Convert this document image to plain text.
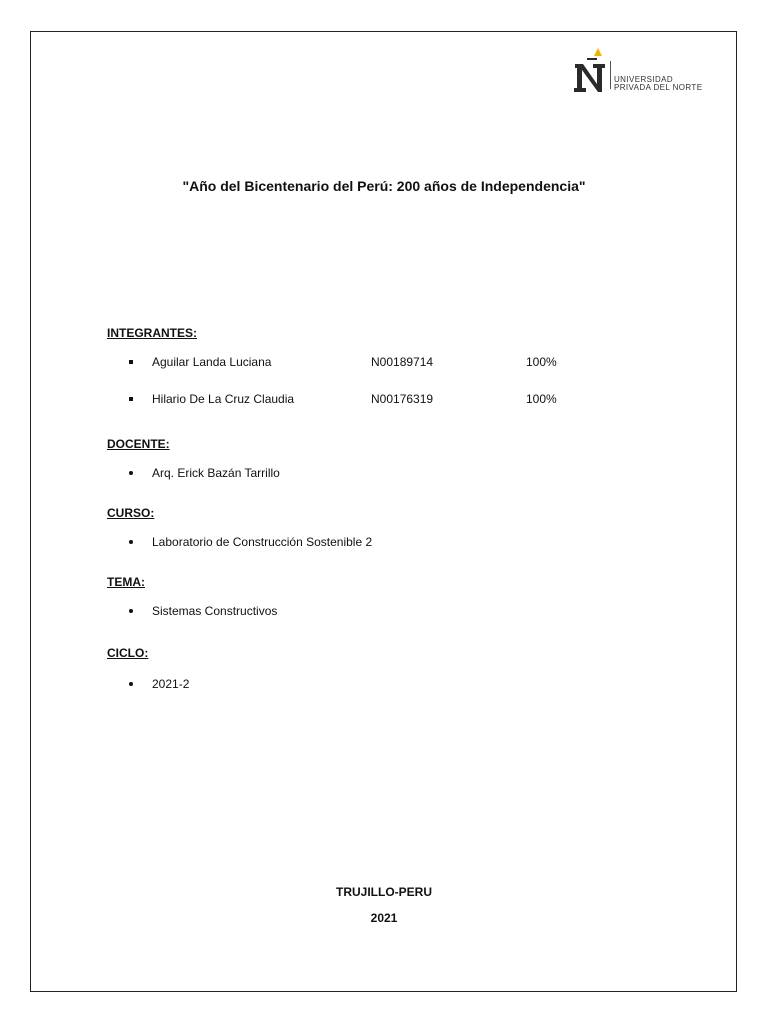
UNIVERSIDAD
PRIVADA DEL NORTE
"Año del Bicentenario del Perú: 200 años de Independencia"
INTEGRANTES:
Aguilar Landa Luciana	N00189714	100%
Hilario De La Cruz Claudia	N00176319	100%
DOCENTE:
Arq. Erick Bazán Tarrillo
CURSO:
Laboratorio de Construcción Sostenible 2
TEMA:
Sistemas Constructivos
CICLO:
2021-2
TRUJILLO-PERU
2021
